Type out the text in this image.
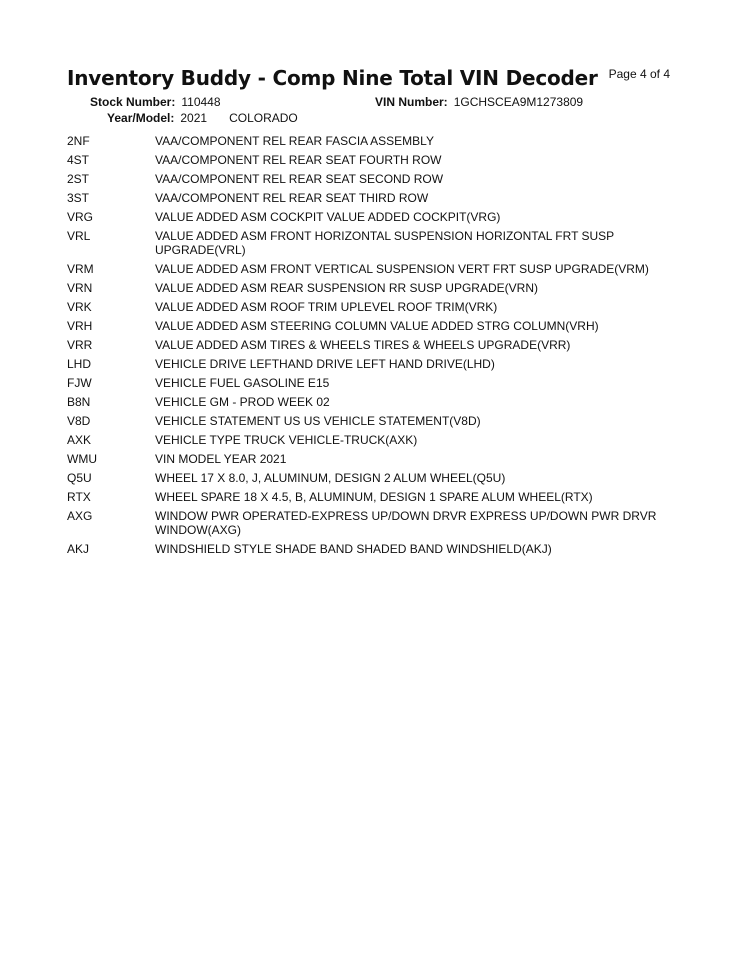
Inventory Buddy - Comp Nine Total VIN Decoder Page 4 of 4
Stock Number: 110448	VIN Number: 1GCHSCEA9M1273809
Year/Model: 2021 COLORADO
2NF	VAA/COMPONENT REL REAR FASCIA ASSEMBLY
4ST	VAA/COMPONENT REL REAR SEAT FOURTH ROW
2ST	VAA/COMPONENT REL REAR SEAT SECOND ROW
3ST	VAA/COMPONENT REL REAR SEAT THIRD ROW
VRG	VALUE ADDED ASM COCKPIT VALUE ADDED COCKPIT(VRG)
VRL	VALUE ADDED ASM FRONT HORIZONTAL SUSPENSION HORIZONTAL FRT SUSP UPGRADE(VRL)
VRM	VALUE ADDED ASM FRONT VERTICAL SUSPENSION VERT FRT SUSP UPGRADE(VRM)
VRN	VALUE ADDED ASM REAR SUSPENSION RR SUSP UPGRADE(VRN)
VRK	VALUE ADDED ASM ROOF TRIM UPLEVEL ROOF TRIM(VRK)
VRH	VALUE ADDED ASM STEERING COLUMN VALUE ADDED STRG COLUMN(VRH)
VRR	VALUE ADDED ASM TIRES & WHEELS TIRES & WHEELS UPGRADE(VRR)
LHD	VEHICLE DRIVE LEFTHAND DRIVE LEFT HAND DRIVE(LHD)
FJW	VEHICLE FUEL GASOLINE E15
B8N	VEHICLE GM - PROD WEEK 02
V8D	VEHICLE STATEMENT US US VEHICLE STATEMENT(V8D)
AXK	VEHICLE TYPE TRUCK VEHICLE-TRUCK(AXK)
WMU	VIN MODEL YEAR 2021
Q5U	WHEEL 17 X 8.0, J, ALUMINUM, DESIGN 2 ALUM WHEEL(Q5U)
RTX	WHEEL SPARE 18 X 4.5, B, ALUMINUM, DESIGN 1 SPARE ALUM WHEEL(RTX)
AXG	WINDOW PWR OPERATED-EXPRESS UP/DOWN DRVR EXPRESS UP/DOWN PWR DRVR WINDOW(AXG)
AKJ	WINDSHIELD STYLE SHADE BAND SHADED BAND WINDSHIELD(AKJ)
